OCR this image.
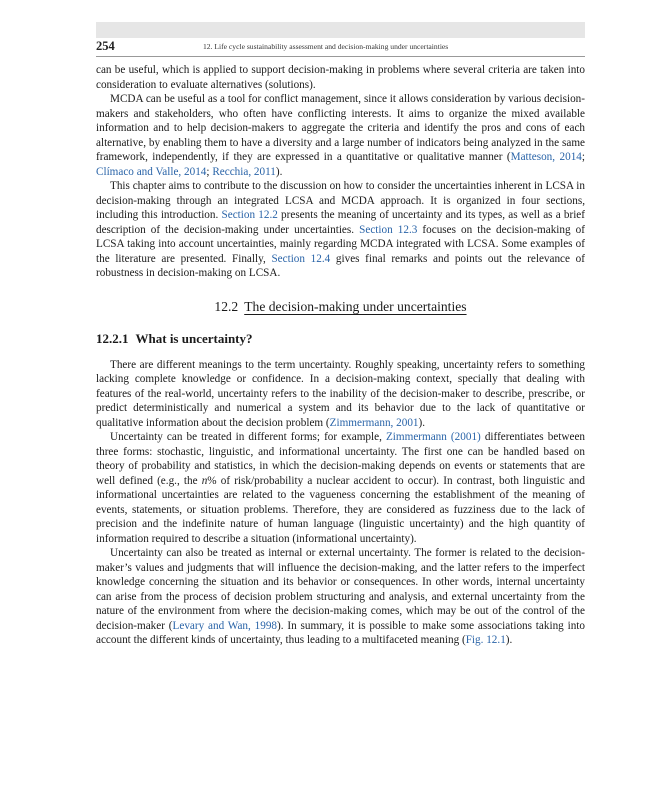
254	12. Life cycle sustainability assessment and decision-making under uncertainties

can be useful, which is applied to support decision-making in problems where several criteria are taken into consideration to evaluate alternatives (solutions).

MCDA can be useful as a tool for conflict management, since it allows consideration by various decision-makers and stakeholders, who often have conflicting interests. It aims to organize the mixed available information and to help decision-makers to aggregate the criteria and identify the pros and cons of each alternative, by enabling them to have a diversity and a large number of indicators being analyzed in the same framework, independently, if they are expressed in a quantitative or qualitative manner (Matteson, 2014; Clímaco and Valle, 2014; Recchia, 2011).

This chapter aims to contribute to the discussion on how to consider the uncertainties inherent in LCSA in decision-making through an integrated LCSA and MCDA approach. It is organized in four sections, including this introduction. Section 12.2 presents the meaning of uncertainty and its types, as well as a brief description of the decision-making under uncertainties. Section 12.3 focuses on the decision-making of LCSA taking into account uncertainties, mainly regarding MCDA integrated with LCSA. Some examples of the literature are presented. Finally, Section 12.4 gives final remarks and points out the relevance of robustness in decision-making on LCSA.

12.2 The decision-making under uncertainties
12.2.1 What is uncertainty?

There are different meanings to the term uncertainty. Roughly speaking, uncertainty refers to something lacking complete knowledge or confidence. In a decision-making context, specially that dealing with features of the real-world, uncertainty refers to the inability of the decision-maker to describe, prescribe, or predict deterministically and numerical a system and its behavior due to the lack of quantitative or qualitative information about the decision problem (Zimmermann, 2001).

Uncertainty can be treated in different forms; for example, Zimmermann (2001) differentiates between three forms: stochastic, linguistic, and informational uncertainty. The first one can be handled based on theory of probability and statistics, in which the decision-making depends on events or statements that are well defined (e.g., the n% of risk/probability a nuclear accident to occur). In contrast, both linguistic and informational uncertainties are related to the vagueness concerning the establishment of the meaning of events, statements, or situation problems. Therefore, they are considered as fuzziness due to the lack of precision and the indefinite nature of human language (linguistic uncertainty) and the high quantity of information required to describe a situation (informational uncertainty).

Uncertainty can also be treated as internal or external uncertainty. The former is related to the decision-maker’s values and judgments that will influence the decision-making, and the latter refers to the imperfect knowledge concerning the situation and its behavior or consequences. In other words, internal uncertainty can arise from the process of decision problem structuring and analysis, and external uncertainty from the nature of the environment from where the decision-making comes, which may be out of the control of the decision-maker (Levary and Wan, 1998). In summary, it is possible to make some associations taking into account the different kinds of uncertainty, thus leading to a multifaceted meaning (Fig. 12.1).
